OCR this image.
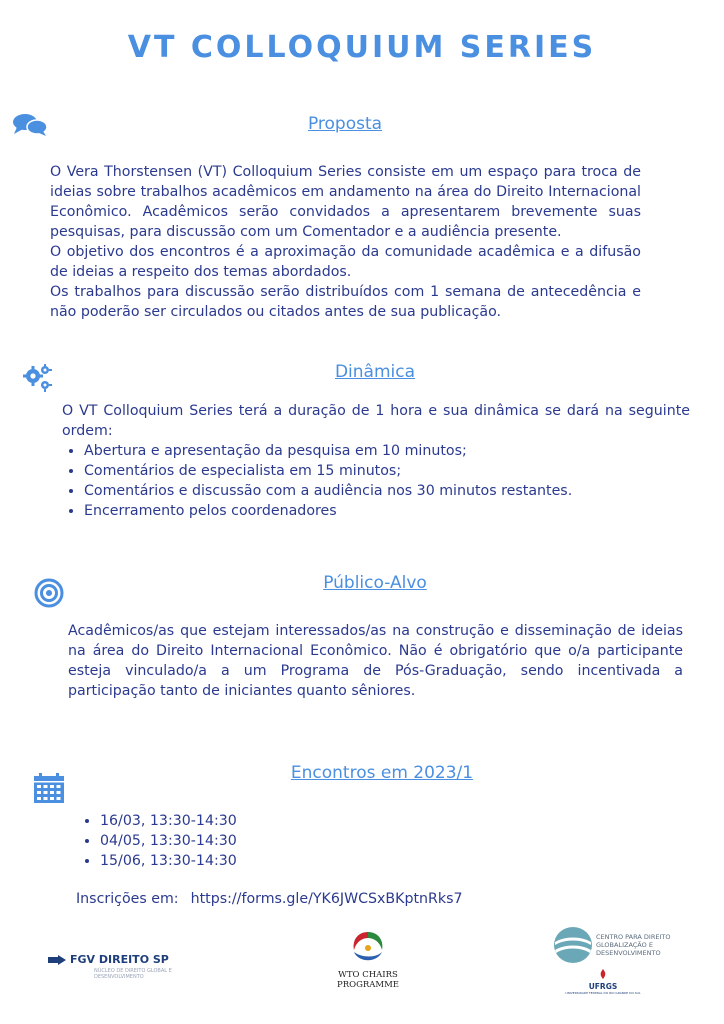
VT COLLOQUIUM SERIES
Proposta

O Vera Thorstensen (VT) Colloquium Series consiste em um espaço para troca de ideias sobre trabalhos acadêmicos em andamento na área do Direito Internacional Econômico. Acadêmicos serão convidados a apresentarem brevemente suas pesquisas, para discussão com um Comentador e a audiência presente.

O objetivo dos encontros é a aproximação da comunidade acadêmica e a difusão de ideias a respeito dos temas abordados.

Os trabalhos para discussão serão distribuídos com 1 semana de antecedência e não poderão ser circulados ou citados antes de sua publicação.

Dinâmica

O VT Colloquium Series terá a duração de 1 hora e sua dinâmica se dará na seguinte ordem:

• Abertura e apresentação da pesquisa em 10 minutos;
• Comentários de especialista em 15 minutos;
• Comentários e discussão com a audiência nos 30 minutos restantes.
• Encerramento pelos coordenadores
Público-Alvo

Acadêmicos/as que estejam interessados/as na construção e disseminação de ideias na área do Direito Internacional Econômico. Não é obrigatório que o/a participante esteja vinculado/a a um Programa de Pós-Graduação, sendo incentivada a participação tanto de iniciantes quanto sêniores.

Encontros em 2023/1
• 16/03, 13:30-14:30
• 04/05, 13:30-14:30
• 15/06, 13:30-14:30
Inscrições em: https://forms.gle/YK6JWCSxBKptnRks7
FGV DIREITO SP
NÚCLEO DE DIREITO GLOBAL E DESENVOLVIMENTO	WTO CHAIRS
PROGRAMME
CENTRO PARA DIREITO
GLOBALIZAÇÃO E
DESENVOLVIMENTO
UFRGS
UNIVERSIDADE FEDERAL DO RIO GRANDE DO SUL
